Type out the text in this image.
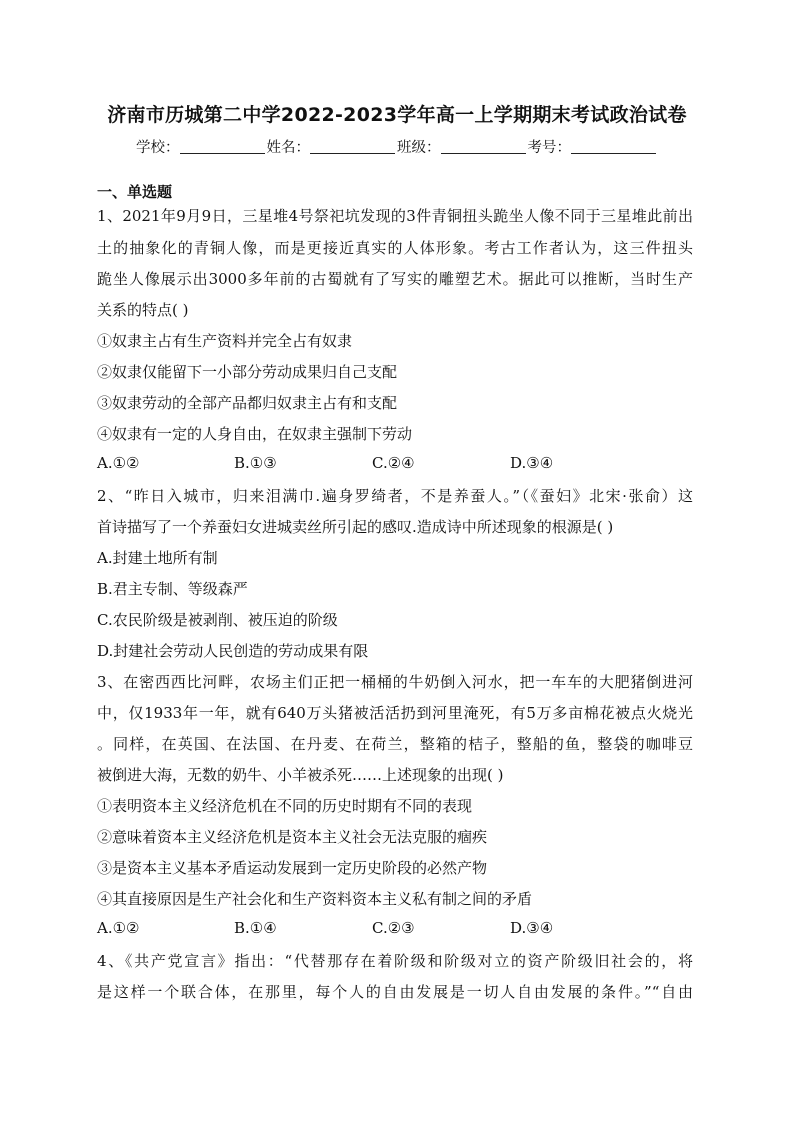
济南市历城第二中学2022-2023学年高一上学期期末考试政治试卷
学校：	姓名：	班级：	考号：
一、单选题
1、2021年9月9日，三星堆4号祭祀坑发现的3件青铜扭头跪坐人像不同于三星堆此前出
土的抽象化的青铜人像，而是更接近真实的人体形象。考古工作者认为，这三件扭头
跪坐人像展示出3000多年前的古蜀就有了写实的雕塑艺术。据此可以推断，当时生产
关系的特点( )
①奴隶主占有生产资料并完全占有奴隶
②奴隶仅能留下一小部分劳动成果归自己支配
③奴隶劳动的全部产品都归奴隶主占有和支配
④奴隶有一定的人身自由，在奴隶主强制下劳动
A.①②	B.①③	C.②④	D.③④
2、“昨日入城市，归来泪满巾.遍身罗绮者，不是养蚕人。”（《蚕妇》北宋·张俞）这
首诗描写了一个养蚕妇女进城卖丝所引起的感叹.造成诗中所述现象的根源是( )
A.封建土地所有制
B.君主专制、等级森严
C.农民阶级是被剥削、被压迫的阶级
D.封建社会劳动人民创造的劳动成果有限
3、在密西西比河畔，农场主们正把一桶桶的牛奶倒入河水，把一车车的大肥猪倒进河
中，仅1933年一年，就有640万头猪被活活扔到河里淹死，有5万多亩棉花被点火烧光
。同样，在英国、在法国、在丹麦、在荷兰，整箱的桔子，整船的鱼，整袋的咖啡豆
被倒进大海，无数的奶牛、小羊被杀死……上述现象的出现( )
①表明资本主义经济危机在不同的历史时期有不同的表现
②意味着资本主义经济危机是资本主义社会无法克服的痼疾
③是资本主义基本矛盾运动发展到一定历史阶段的必然产物
④其直接原因是生产社会化和生产资料资本主义私有制之间的矛盾
A.①②	B.①④	C.②③	D.③④
4、《共产党宣言》指出：“代替那存在着阶级和阶级对立的资产阶级旧社会的，将
是这样一个联合体，在那里，每个人的自由发展是一切人自由发展的条件。”“自由
